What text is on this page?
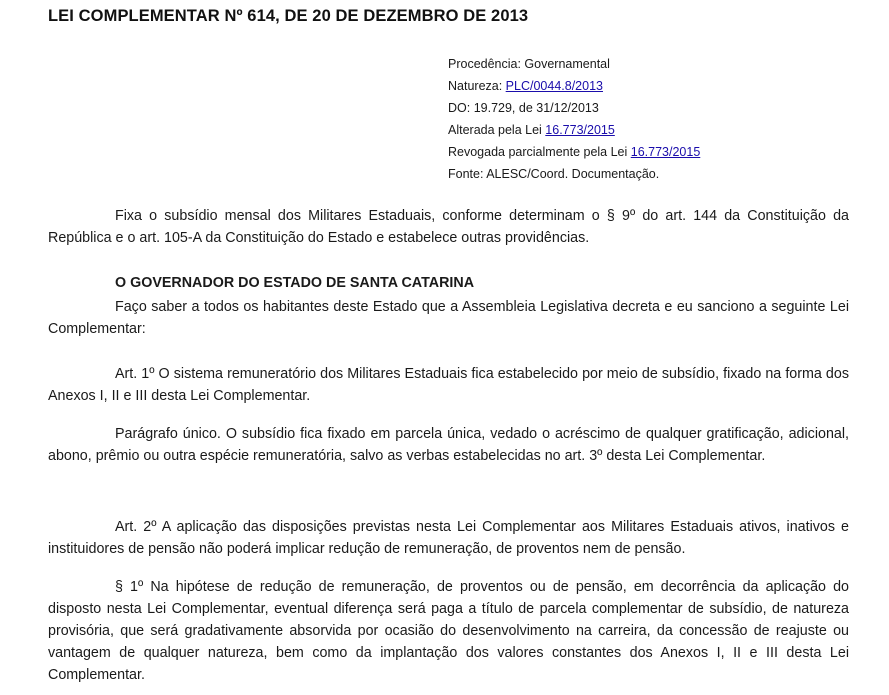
LEI COMPLEMENTAR Nº 614, DE 20 DE DEZEMBRO DE 2013
Procedência: Governamental
Natureza: PLC/0044.8/2013
DO: 19.729, de 31/12/2013
Alterada pela Lei 16.773/2015
Revogada parcialmente pela Lei 16.773/2015
Fonte: ALESC/Coord. Documentação.

Fixa o subsídio mensal dos Militares Estaduais, conforme determinam o § 9º do art. 144 da Constituição da República e o art. 105-A da Constituição do Estado e estabelece outras providências.

O GOVERNADOR DO ESTADO DE SANTA CATARINA

Faço saber a todos os habitantes deste Estado que a Assembleia Legislativa decreta e eu sanciono a seguinte Lei Complementar:

Art. 1º O sistema remuneratório dos Militares Estaduais fica estabelecido por meio de subsídio, fixado na forma dos Anexos I, II e III desta Lei Complementar.

Parágrafo único. O subsídio fica fixado em parcela única, vedado o acréscimo de qualquer gratificação, adicional, abono, prêmio ou outra espécie remuneratória, salvo as verbas estabelecidas no art. 3º desta Lei Complementar.

Art. 2º A aplicação das disposições previstas nesta Lei Complementar aos Militares Estaduais ativos, inativos e instituidores de pensão não poderá implicar redução de remuneração, de proventos nem de pensão.

§ 1º Na hipótese de redução de remuneração, de proventos ou de pensão, em decorrência da aplicação do disposto nesta Lei Complementar, eventual diferença será paga a título de parcela complementar de subsídio, de natureza provisória, que será gradativamente absorvida por ocasião do desenvolvimento na carreira, da concessão de reajuste ou vantagem de qualquer natureza, bem como da implantação dos valores constantes dos Anexos I, II e III desta Lei Complementar.
